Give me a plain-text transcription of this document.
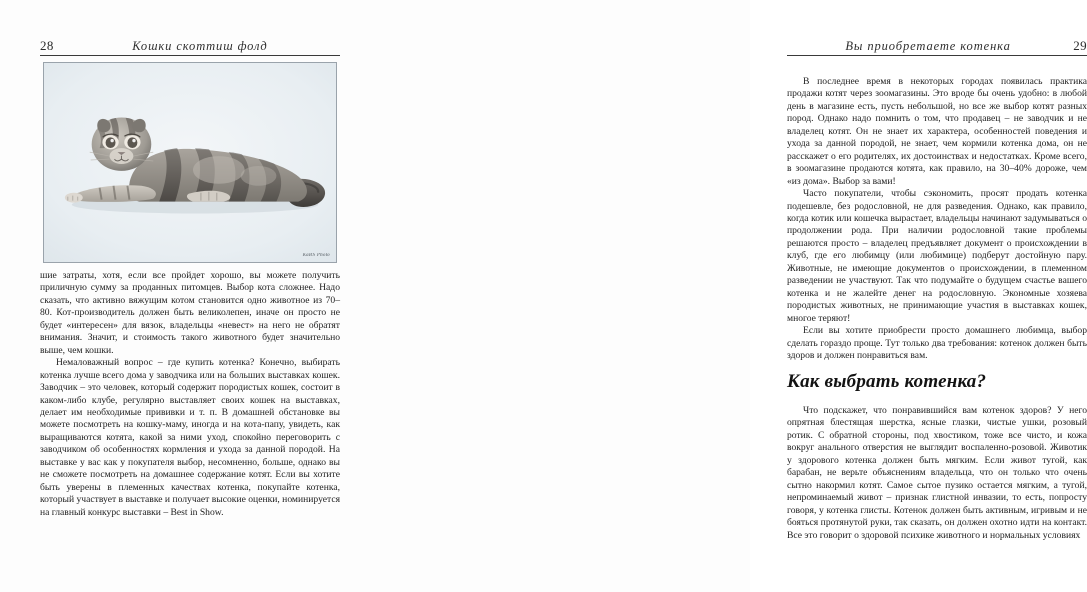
28	Кошки скоттиш фолд
KaBS Photo

шие затраты, хотя, если все пройдет хорошо, вы можете получить приличную сумму за проданных питомцев. Выбор кота сложнее. Надо сказать, что активно вяжущим котом становится одно животное из 70–80. Кот-производитель должен быть великолепен, иначе он просто не будет «интересен» для вязок, владельцы «невест» на него не обратят внимания. Значит, и стоимость такого животного будет значительно выше, чем кошки.

Немаловажный вопрос – где купить котенка? Конечно, выбирать котенка лучше всего дома у заводчика или на больших выставках кошек. Заводчик – это человек, который содержит породистых кошек, состоит в каком-либо клубе, регулярно выставляет своих кошек на выставках, делает им необходимые прививки и т. п. В домашней обстановке вы можете посмотреть на кошку-маму, иногда и на кота-папу, увидеть, как выращиваются котята, какой за ними уход, спокойно переговорить с заводчиком об особенностях кормления и ухода за данной породой. На выставке у вас как у покупателя выбор, несомненно, больше, однако вы не сможете посмотреть на домашнее содержание котят. Если вы хотите быть уверены в племенных качествах котенка, покупайте котенка, который участвует в выставке и получает высокие оценки, номинируется на главный конкурс выставки – Best in Show.

Вы приобретаете котенка	29

В последнее время в некоторых городах появилась практика продажи котят через зоомагазины. Это вроде бы очень удобно: в любой день в магазине есть, пусть небольшой, но все же выбор котят разных пород. Однако надо помнить о том, что продавец – не заводчик и не владелец котят. Он не знает их характера, особенностей поведения и ухода за данной породой, не знает, чем кормили котенка дома, он не расскажет о его родителях, их достоинствах и недостатках. Кроме всего, в зоомагазине продаются котята, как правило, на 30–40% дороже, чем «из дома». Выбор за вами!

Часто покупатели, чтобы сэкономить, просят продать котенка подешевле, без родословной, не для разведения. Однако, как правило, когда котик или кошечка вырастает, владельцы начинают задумываться о продолжении рода. При наличии родословной такие проблемы решаются просто – владелец предъявляет документ о происхождении в клуб, где его любимцу (или любимице) подберут достойную пару. Животные, не имеющие документов о происхождении, в племенном разведении не участвуют. Так что подумайте о будущем счастье вашего котенка и не жалейте денег на родословную. Экономные хозяева породистых животных, не принимающие участия в выставках кошек, многое теряют!

Если вы хотите приобрести просто домашнего любимца, выбор сделать гораздо проще. Тут только два требования: котенок должен быть здоров и должен понравиться вам.

Как выбрать котенка?

Что подскажет, что понравившийся вам котенок здоров? У него опрятная блестящая шерстка, ясные глазки, чистые ушки, розовый ротик. С обратной стороны, под хвостиком, тоже все чисто, и кожа вокруг анального отверстия не выглядит воспаленно-розовой. Животик у здорового котенка должен быть мягким. Если живот тугой, как барабан, не верьте объяснениям владельца, что он только что очень сытно накормил котят. Самое сытое пузико остается мягким, а тугой, непроминаемый живот – признак глистной инвазии, то есть, попросту говоря, у котенка глисты. Котенок должен быть активным, игривым и не бояться протянутой руки, так сказать, он должен охотно идти на контакт. Все это говорит о здоровой психике животного и нормальных условиях
